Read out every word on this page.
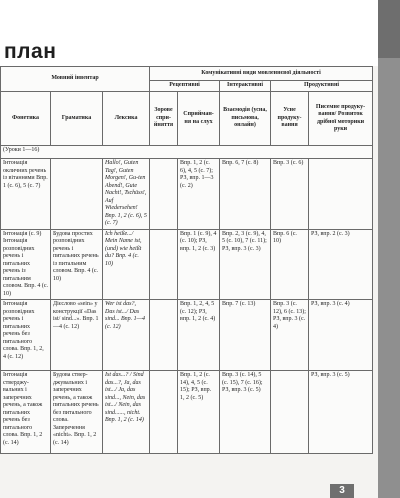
план
Мовний інвентар			Комунікативні види мовленнєвої діяльності				
			Рецептивні		Інтерактивні	Продуктивні	
Фонетика	Граматика	Лексика	Зорове спри-йняття	Сприйман-ня на слух	Взаємодія (усна, письмова, онлайн)	Усне продуку-вання	Писемне продуку-вання/ Розвиток дрібної моторики руки
(Уроки 1—16)							
Інтонація окличних речень із вітаннями Впр. 1 (с. 6), 5 (с. 7)		Hallo!, Guten Tag!, Guten Morgen!, Gu-ten Abend!, Gute Nacht!, Tschüss!, Auf Wiedersehen! Впр. 1, 2 (с. 6), 5 (с. 7)		Впр. 1, 2 (с. 6), 4, 5 (с. 7); РЗ, впр. 1—3 (с. 2)	Впр. 6, 7 (с. 8)	Впр. 3 (с. 6)	
Інтонація (с. 9) Інтонація розповідних речень і питальних речень із питальним словом. Впр. 4 (с. 10)	Будова простих розповідних речень і питальних речень із питальним словом. Впр. 4 (с. 10)	Ich heiße.../ Mein Name ist, (und) wie heißt du? Впр. 4 (с. 10)		Впр. 1 (с. 9), 4 (с. 10); РЗ, впр. 1, 2 (с. 3)	Впр. 2, 3 (с. 9), 4, 5 (с. 10), 7 (с. 11); РЗ, впр. 3 (с. 3)	Впр. 6 (с. 10)	РЗ, впр. 2 (с. 3)
Інтонація розповідних речень і питальних речень без питального слова. Впр. 1, 2, 4 (с. 12)	Дієслово «sein» у конструкції «Das ist/ sind...». Впр. 1—4 (с. 12)	Wer ist das?, Das ist.../ Das sind... Впр. 1—4 (с. 12)		Впр. 1, 2, 4, 5 (с. 12); РЗ, впр. 1, 2 (с. 4)	Впр. 7 (с. 13)	Впр. 3 (с. 12), 6 (с. 13); РЗ, впр. 3 (с. 4)	РЗ, впр. 3 (с. 4)
Інтонація стверджу-вальних і заперечних речень, а також питальних речень без питального слова. Впр. 1, 2 (с. 14)	Будова ствер-джувальних і заперечних речень, а також питальних речень без питального слова. Заперечення «nicht». Впр. 1, 2 (с. 14)	Ist das...? / Sind das...?, Ja, das ist.../ Ja, das sind..., Nein, das ist.../ Nein, das sind......, nicht. Впр. 1, 2 (с. 14)		Впр. 1, 2 (с. 14), 4, 5 (с. 15); РЗ, впр. 1, 2 (с. 5)	Впр. 3 (с. 14), 5 (с. 15), 7 (с. 16); РЗ, впр. 3 (с. 5)		РЗ, впр. 3 (с. 5)
3
